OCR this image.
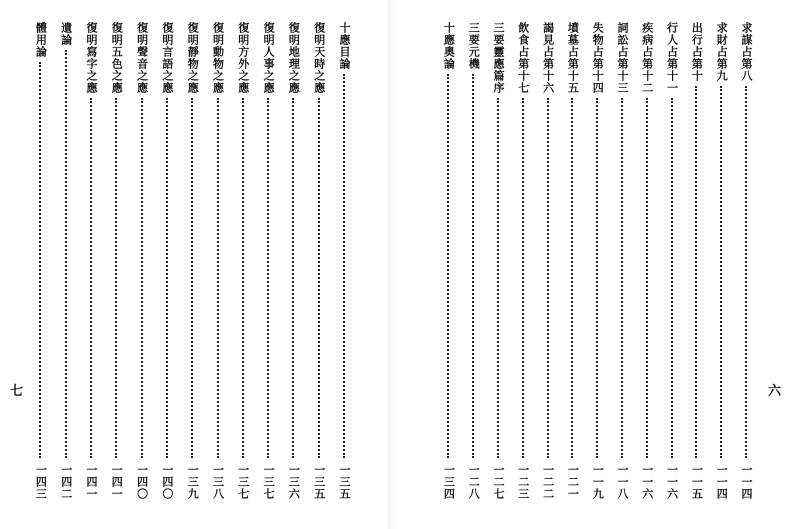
十應目論
一三五
復明天時之應
一三五
復明地理之應
一三六
復明人事之應
一三七
復明方外之應
一三七
復明動物之應
一三八
復明靜物之應
一三九
復明言語之應
一四〇
復明聲音之應
一四〇
復明五色之應
一四一
復明寫字之應
一四一
遺論
一四二
體用論
一四三
七
求謀占第八
一一四
求財占第九
一一四
出行占第十
一一五
行人占第十一
一一六
疾病占第十二
一一六
詞訟占第十三
一一八
失物占第十四
一一九
墳墓占第十五
一二一
謁見占第十六
一二二
飲食占第十七
一二三
三要靈應篇序
一二七
三要元機
一二八
十應奧論
一三四
六
